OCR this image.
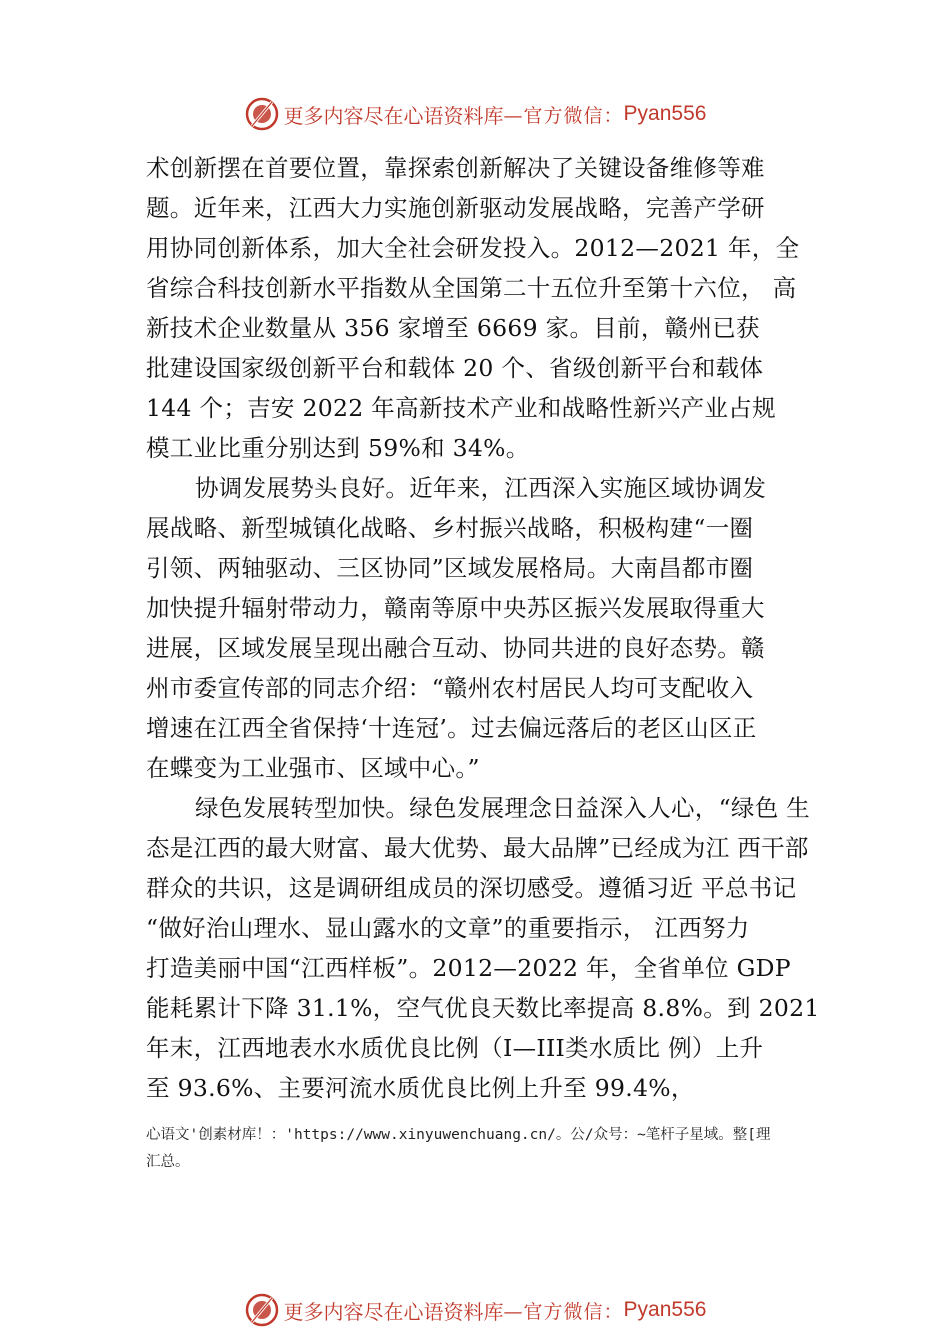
更多内容尽在心语资料库 —官方微信： Pyan556
术创新摆在首要位置，靠探索创新解决了关键设备维修等难
题。近年来，江西大力实施创新驱动发展战略，完善产学研
用协同创新体系，加大全社会研发投入。2012—2021 年，全
省综合科技创新水平指数从全国第二十五位升至第十六位， 高
新技术企业数量从 356 家增至 6669 家。目前，赣州已获
批建设国家级创新平台和载体 20 个、省级创新平台和载体
144 个；吉安 2022 年高新技术产业和战略性新兴产业占规
模工业比重分别达到 59%和 34%。
协调发展势头良好。近年来，江西深入实施区域协调发
展战略、新型城镇化战略、乡村振兴战略，积极构建“一圈
引领、两轴驱动、三区协同”区域发展格局。大南昌都市圈
加快提升辐射带动力，赣南等原中央苏区振兴发展取得重大
进展，区域发展呈现出融合互动、协同共进的良好态势。赣
州市委宣传部的同志介绍：“赣州农村居民人均可支配收入
增速在江西全省保持‘十连冠’。过去偏远落后的老区山区正
在蝶变为工业强市、区域中心。”
绿色发展转型加快。绿色发展理念日益深入人心，“绿色 生
态是江西的最大财富、最大优势、最大品牌”已经成为江 西干部
群众的共识，这是调研组成员的深切感受。遵循习近 平总书记
“做好治山理水、显山露水的文章”的重要指示， 江西努力
打造美丽中国“江西样板”。2012—2022 年，全省单位 GDP
能耗累计下降 31.1%，空气优良天数比率提高 8.8%。到 2021
年末，江西地表水水质优良比例（Ⅰ—III类水质比 例）上升
至 93.6%、主要河流水质优良比例上升至 99.4%，
心语文'创素材库！：'https://www.xinyuwenchuang.cn/。公/众号：~笔杆子星域。整[理
汇总。
更多内容尽在心语资料库 —官方微信： Pyan556
